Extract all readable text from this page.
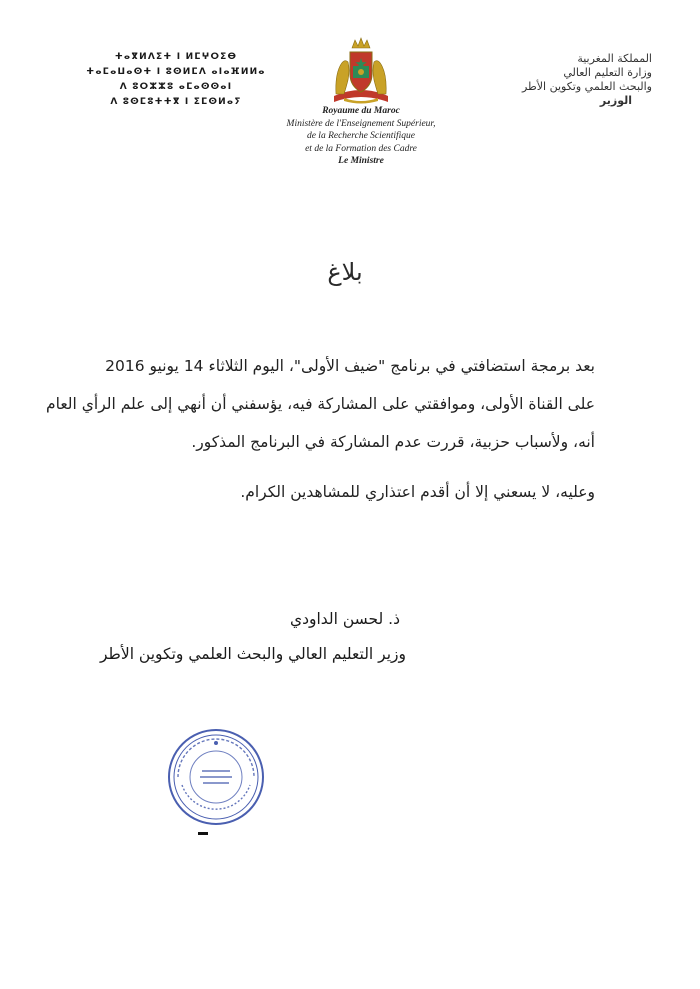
ⵜⴰⴳⵍⴷⵉⵜ ⵏ ⵍⵎⵖⵔⵉⴱ
ⵜⴰⵎⴰⵡⴰⵙⵜ ⵏ ⵓⵙⵍⵎⴷ ⴰⵏⴰⴼⵍⵍⴰ
ⴷ ⵓⵔⵣⵣⵓ ⴰⵎⴰⵙⵙⴰⵏ
ⴷ ⵓⵙⵎⵓⵜⵜⴳ ⵏ ⵉⵎⵙⵍⴰⵢ
المملكة المغربية
وزارة التعليم العالي
والبحث العلمي وتكوين الأطر
الوزير
Royaume du Maroc
Ministère de l'Enseignement Supérieur,
de la Recherche Scientifique
et de la Formation des Cadre
Le Ministre
بلاغ
بعد برمجة استضافتي في برنامج "ضيف الأولى"، اليوم الثلاثاء 14 يونيو 2016
على القناة الأولى، وموافقتي على المشاركة فيه، يؤسفني أن أنهي إلى علم الرأي العام
أنه، ولأسباب حزبية، قررت عدم المشاركة في البرنامج المذكور.
وعليه، لا يسعني إلا أن أقدم اعتذاري للمشاهدين الكرام.
ذ. لحسن الداودي
وزير التعليم العالي والبحث العلمي وتكوين الأطر
